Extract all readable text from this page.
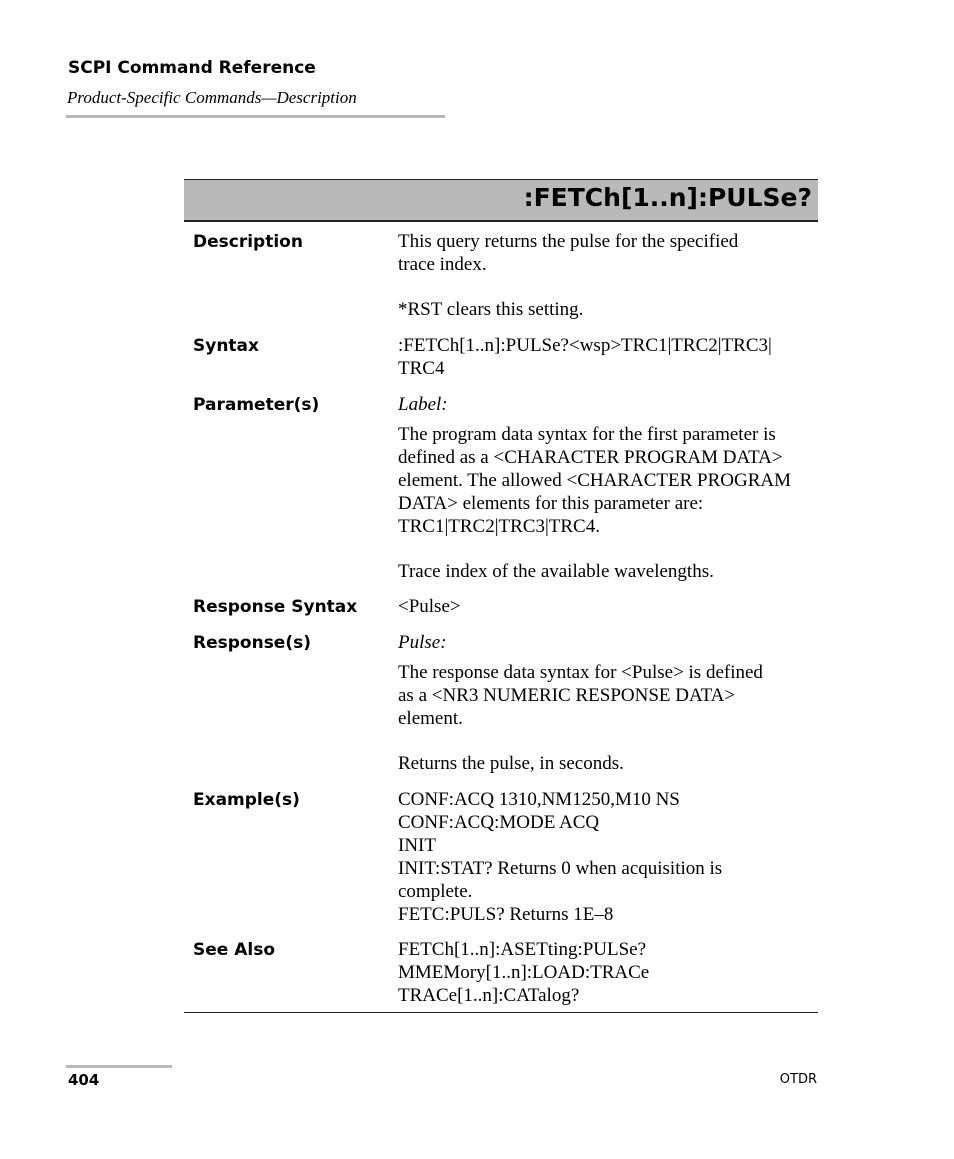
SCPI Command Reference
Product-Specific Commands—Description
:FETCh[1..n]:PULSe?
Description	This query returns the pulse for the specified

trace index.

*RST clears this setting.

Syntax	:FETCh[1..n]:PULSe?<wsp>TRC1|TRC2|TRC3|

TRC4

Parameter(s)	Label:

The program data syntax for the first parameter is

defined as a <CHARACTER PROGRAM DATA>

element. The allowed <CHARACTER PROGRAM

DATA> elements for this parameter are:

TRC1|TRC2|TRC3|TRC4.

Trace index of the available wavelengths.

Response Syntax <Pulse>

Response(s)	Pulse:

The response data syntax for <Pulse> is defined

as a <NR3 NUMERIC RESPONSE DATA>

element.

Returns the pulse, in seconds.

Example(s)	CONF:ACQ 1310,NM1250,M10 NS

CONF:ACQ:MODE ACQ

INIT

INIT:STAT? Returns 0 when acquisition is

complete.

FETC:PULS? Returns 1E–8

See Also	FETCh[1..n]:ASETting:PULSe?

MMEMory[1..n]:LOAD:TRACe

TRACe[1..n]:CATalog?

404	OTDR
